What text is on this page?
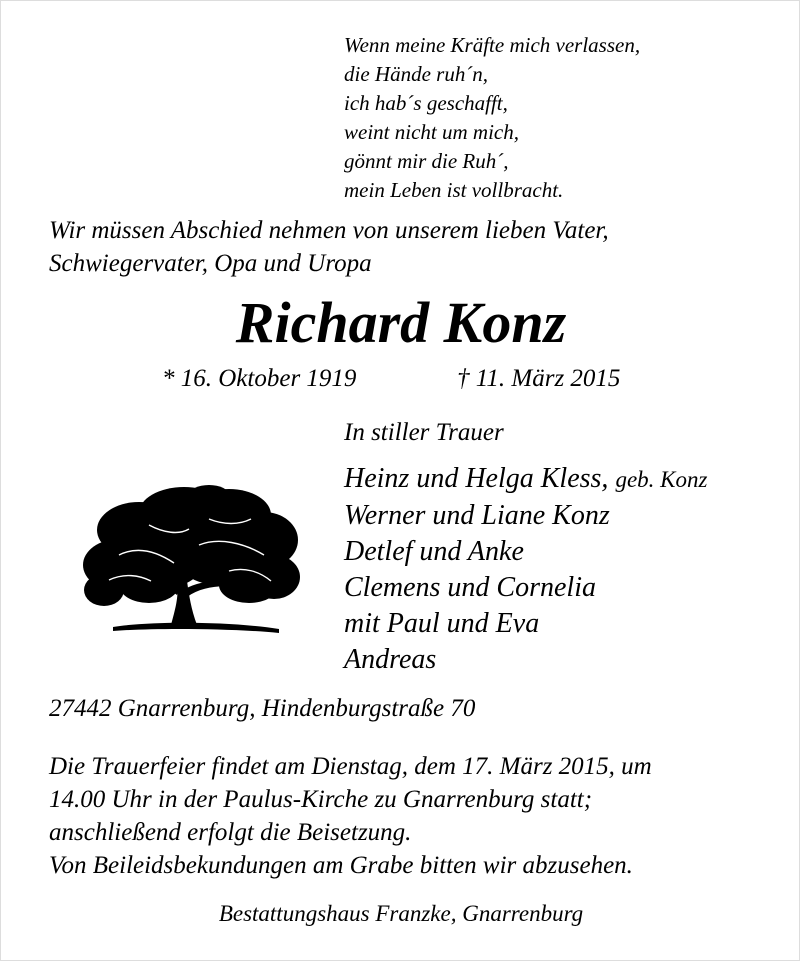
Wenn meine Kräfte mich verlassen,
die Hände ruh´n,
ich hab´s geschafft,
weint nicht um mich,
gönnt mir die Ruh´,
mein Leben ist vollbracht.
Wir müssen Abschied nehmen von unserem lieben Vater,
Schwiegervater, Opa und Uropa
Richard Konz
* 16. Oktober 1919	† 11. März 2015
In stiller Trauer
Heinz und Helga Kless, geb. Konz
Werner und Liane Konz
Detlef und Anke
Clemens und Cornelia
mit Paul und Eva
Andreas
27442 Gnarrenburg, Hindenburgstraße 70
Die Trauerfeier findet am Dienstag, dem 17. März 2015, um
14.00 Uhr in der Paulus-Kirche zu Gnarrenburg statt;
anschließend erfolgt die Beisetzung.
Von Beileidsbekundungen am Grabe bitten wir abzusehen.
Bestattungshaus Franzke, Gnarrenburg
